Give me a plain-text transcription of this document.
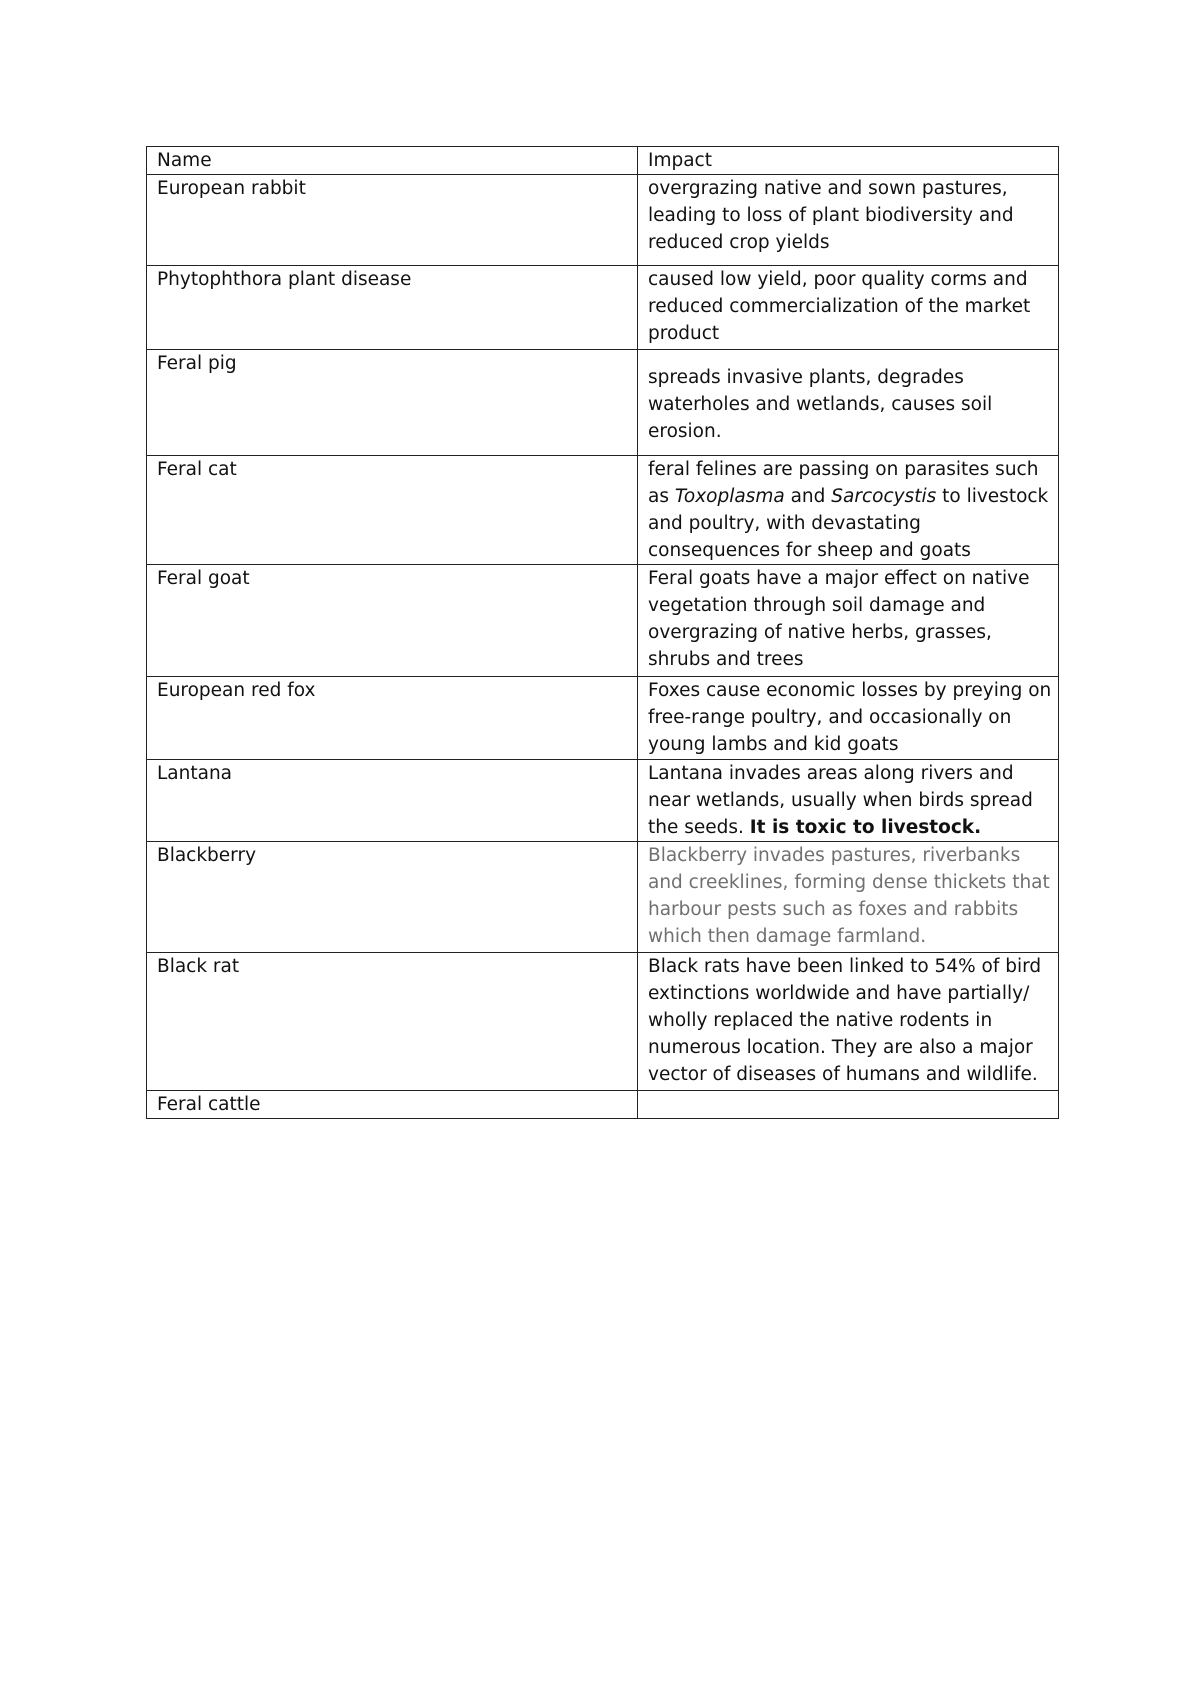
Name	Impact
European rabbit	overgrazing native and sown pastures, leading to loss of plant biodiversity and reduced crop yields
Phytophthora plant disease	caused low yield, poor quality corms and reduced commercialization of the market product
Feral pig	spreads invasive plants, degrades waterholes and wetlands, causes soil erosion.
Feral cat	feral felines are passing on parasites such as Toxoplasma and Sarcocystis to livestock and poultry, with devastating consequences for sheep and goats
Feral goat	Feral goats have a major effect on native vegetation through soil damage and overgrazing of native herbs, grasses, shrubs and trees
European red fox	Foxes cause economic losses by preying on free-range poultry, and occasionally on young lambs and kid goats
Lantana	Lantana invades areas along rivers and near wetlands, usually when birds spread the seeds. It is toxic to livestock.
Blackberry	Blackberry invades pastures, riverbanks and creeklines, forming dense thickets that harbour pests such as foxes and rabbits which then damage farmland.
Black rat	Black rats have been linked to 54% of bird extinctions worldwide and have partially/ wholly replaced the native rodents in numerous location. They are also a major vector of diseases of humans and wildlife.
Feral cattle	
